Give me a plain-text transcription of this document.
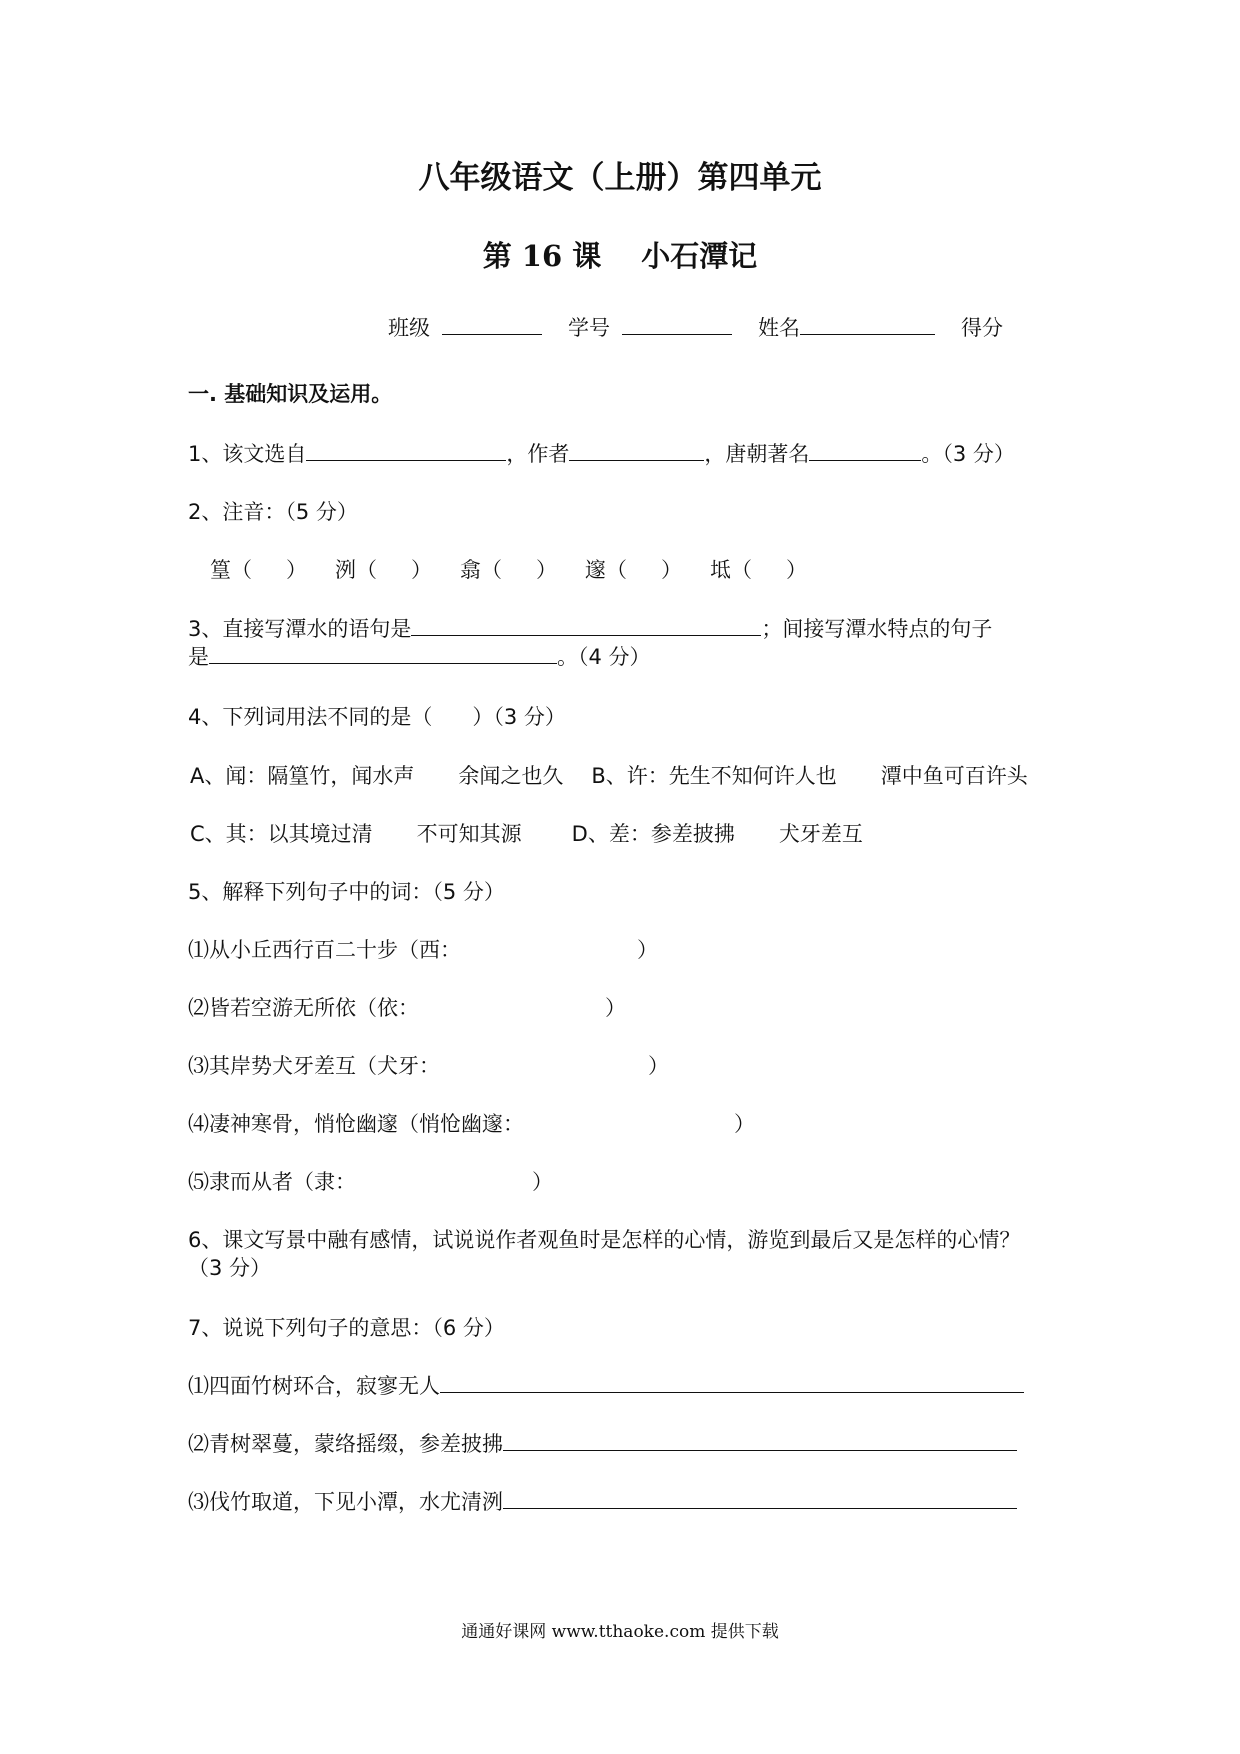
八年级语文（上册）第四单元
第 16 课 小石潭记
班级	学号	姓名	得分
一. 基础知识及运用。
1、该文选自	，作者	，唐朝著名	。（3 分）
2、注音：（5 分）
篁（ ） 洌（ ） 翕（ ） 邃（ ） 坻（ ）
3、直接写潭水的语句是	；间接写潭水特点的句子
是	。（4 分）
4、下列词用法不同的是（ ）（3 分）
A、闻：隔篁竹，闻水声 余闻之也久 B、许：先生不知何许人也 潭中鱼可百许头
C、其：以其境过清 不可知其源 D、差：参差披拂 犬牙差互
5、解释下列句子中的词：（5 分）
⑴从小丘西行百二十步（西：	）
⑵皆若空游无所依（依：	）
⑶其岸势犬牙差互（犬牙：	）
⑷凄神寒骨，悄怆幽邃（悄怆幽邃：	）
⑸隶而从者（隶：	）
6、课文写景中融有感情，试说说作者观鱼时是怎样的心情，游览到最后又是怎样的心情？
（3 分）
7、说说下列句子的意思：（6 分）
⑴四面竹树环合，寂寥无人
⑵青树翠蔓，蒙络摇缀，参差披拂
⑶伐竹取道，下见小潭，水尤清洌
通通好课网 www.tthaoke.com 提供下载
